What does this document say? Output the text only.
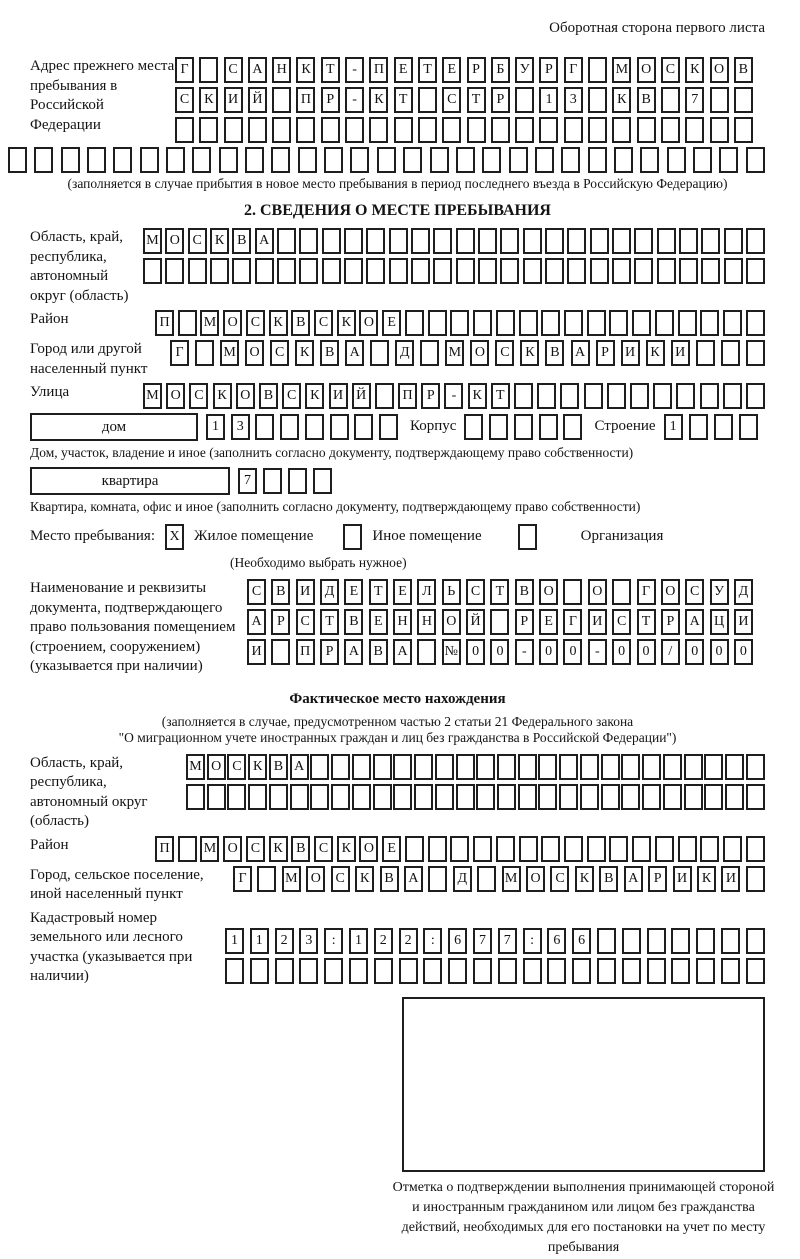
Оборотная сторона первого листа
Адрес прежнего места пребывания в Российской Федерации
Г	С	А	Н	К	Т	-	П	Е	Т	Е	Р	Б	У	Р	Г	М О	С	К	О	В
С	К	И	Й	П	Р	-	К	Т	С	Т	Р	1	3	К	В	7
(заполняется в случае прибытия в новое место пребывания в период последнего въезда в Российскую Федерацию)
2. СВЕДЕНИЯ О МЕСТЕ ПРЕБЫВАНИЯ
Область, край, республика, автономный округ (область)
М О С К В А
Район	П	М О С К В С К О Е
Город или другой населенный пункт
Г	М О	С	К	В	А	Д	М О	С	К	В	А	Р	И	К	И
Улица	М О С К О В С К И Й	П	Р	-	К	Т
дом	1	3	Корпус	Строение	1
Дом, участок, владение и иное (заполнить согласно документу, подтверждающему право собственности)
квартира	7
Квартира, комната, офис и иное (заполнить согласно документу, подтверждающему право собственности)
Место пребывания:	X Жилое помещение	Иное помещение	Организация
(Необходимо выбрать нужное)
Наименование и реквизиты документа, подтверждающего право пользования помещением (строением, сооружением) (указывается при наличии)
С	В	И	Д	Е	Т	Е	Л	Ь	С	Т	В	О	О	Г	О	С	У	Д
А	Р	С	Т	В	Е	Н	Н	О	Й	Р	Е	Г	И	С	Т	Р	А	Ц	И
И	П	Р	А	В	А	№	0	0	-	0	0	-	0	0	/	0	0	0
Фактическое место нахождения
(заполняется в случае, предусмотренном частью 2 статьи 21 Федерального закона
"О миграционном учете иностранных граждан и лиц без гражданства в Российской Федерации")
Область, край, республика, автономный округ (область)
М О С К В А
Район	П	М О С К В С К О Е
Город, сельское поселение, иной населенный пункт
Г	М О	С	К	В	А	Д	М О	С	К	В	А	Р	И	К	И
Кадастровый номер земельного или лесного участка (указывается при наличии)
1	1	2	3	:	1	2	2	:	6	7	7	:	6	6
Отметка о подтверждении выполнения принимающей стороной и иностранным гражданином или лицом без гражданства действий, необходимых для его постановки на учет по месту пребывания
